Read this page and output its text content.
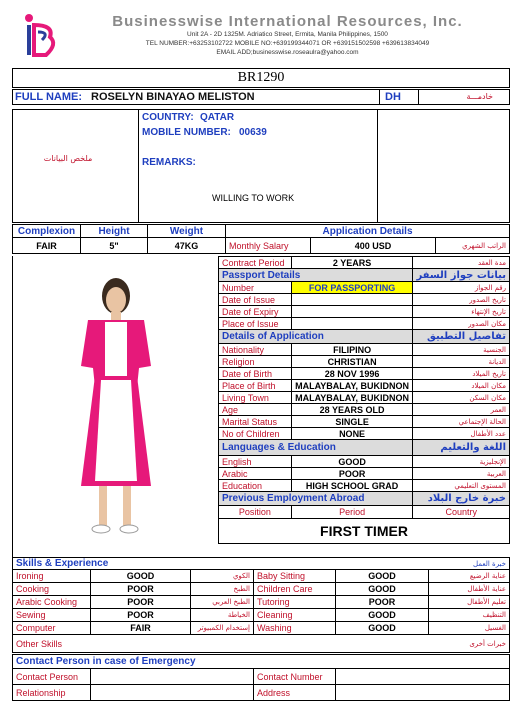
Businesswise International Resources, Inc.
Unit 2A - 2D 1325M. Adriatico Street, Ermita, Manila Philippines, 1500
TEL NUMBER:+63253102722 MOBILE NO:+639199344071 OR +639151502598 +639613834049
EMAIL ADD;businesswise.roseaulra@yahoo.com
BR1290
FULL NAME: ROSELYN BINAYAO MELISTON	DH	خادمـــة
ملخص البيانات
COUNTRY: QATAR
MOBILE NUMBER: 00639
REMARKS:
WILLING TO WORK
Complexion	Height	Weight	Application Details		
FAIR	5"	47KG	Monthly Salary	400 USD	الراتب الشهري
Contract Period	2 YEARS	مدة العقد
Passport Details		بيانات جواز السفر
Number	FOR PASSPORTING	رقم الجواز
Date of Issue		تاريخ الصدور
Date of Expiry		تاريخ الإنتهاء
Place of Issue		مكان الصدور
Details of Application		تفاصيل التطبيق
Nationality	FILIPINO	الجنسية
Religion	CHRISTIAN	الديانة
Date of Birth	28 NOV 1996	تاريخ الميلاد
Place of Birth	MALAYBALAY, BUKIDNON	مكان الميلاد
Living Town	MALAYBALAY, BUKIDNON	مكان السكن
Age	28 YEARS OLD	العمر
Marital Status	SINGLE	الحالة الإجتماعي
No of Children	NONE	عدد الأطفال
Languages & Education		اللغة والتعليم
English	GOOD	الإنجليزية
Arabic	POOR	العربية
Education	HIGH SCHOOL GRAD	المستوى التعليمي
Previous Employment Abroad		خبرة خارج البلاد
Position	Period	Country
FIRST TIMER		
Skills & Experience			خبرة العمل		
Ironing	GOOD	الكوي	Baby Sitting	GOOD	عناية الرضيع
Cooking	POOR	الطبخ	Children Care	GOOD	عناية الأطفال
Arabic Cooking	POOR	الطبخ العربي	Tutoring	POOR	تعليم الأطفال
Sewing	POOR	الخياطة	Cleaning	GOOD	التنظيف
Computer	FAIR	إستخدام الكمبيوتر	Washing	GOOD	الغسيل
Other Skills			خبرات أخرى		
Contact Person in case of Emergency			
Contact Person		Contact Number	
Relationship		Address	
